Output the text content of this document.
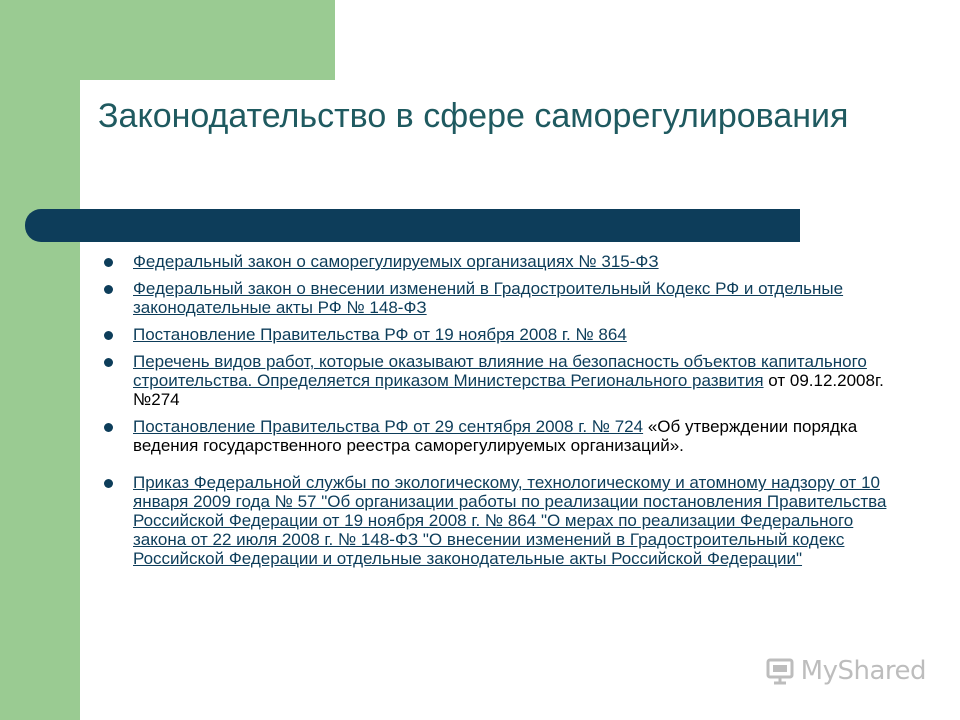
Законодательство в сфере саморегулирования
Федеральный закон о саморегулируемых организациях № 315-ФЗ
Федеральный закон о внесении изменений в Градостроительный Кодекс РФ и отдельные законодательные акты РФ № 148-ФЗ
Постановление Правительства РФ от 19 ноября 2008 г. № 864
Перечень видов работ, которые оказывают влияние на безопасность объектов капитального строительства. Определяется приказом Министерства Регионального развития от 09.12.2008г. №274
Постановление Правительства РФ от 29 сентября 2008 г. № 724 «Об утверждении порядка ведения государственного реестра саморегулируемых организаций».
Приказ Федеральной службы по экологическому, технологическому и атомному надзору от 10 января 2009 года № 57 "Об организации работы по реализации постановления Правительства Российской Федерации от 19 ноября 2008 г. № 864 "О мерах по реализации Федерального закона от 22 июля 2008 г. № 148-ФЗ "О внесении изменений в Градостроительный кодекс Российской Федерации и отдельные законодательные акты Российской Федерации"
MyShared
